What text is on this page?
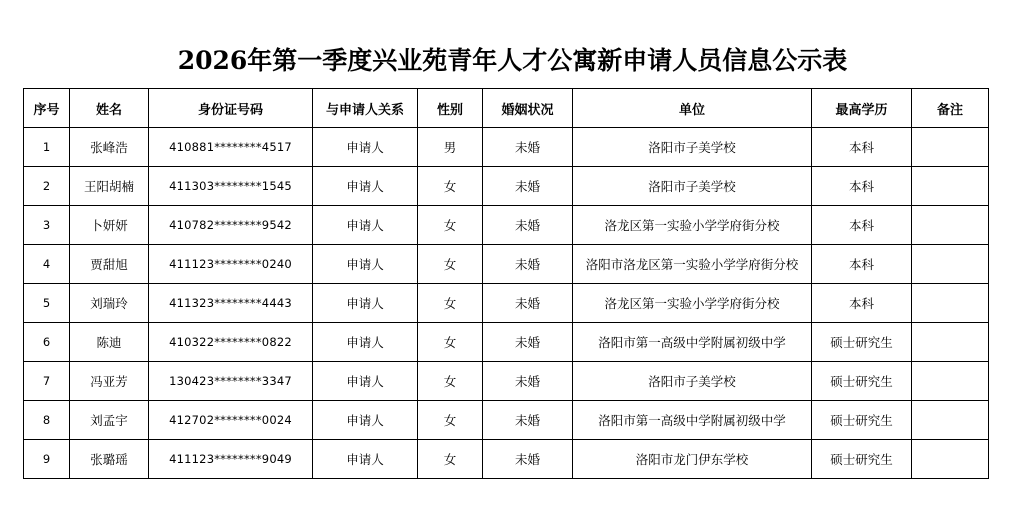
2026年第一季度兴业苑青年人才公寓新申请人员信息公示表
序号	姓名	身份证号码	与申请人关系	性别	婚姻状况	单位	最高学历	备注
1	张峰浩	410881********4517	申请人	男	未婚	洛阳市子美学校	本科	
2	王阳胡楠	411303********1545	申请人	女	未婚	洛阳市子美学校	本科	
3	卜妍妍	410782********9542	申请人	女	未婚	洛龙区第一实验小学学府街分校	本科	
4	贾甜旭	411123********0240	申请人	女	未婚	洛阳市洛龙区第一实验小学学府街分校	本科	
5	刘瑞玲	411323********4443	申请人	女	未婚	洛龙区第一实验小学学府街分校	本科	
6	陈迪	410322********0822	申请人	女	未婚	洛阳市第一高级中学附属初级中学	硕士研究生	
7	冯亚芳	130423********3347	申请人	女	未婚	洛阳市子美学校	硕士研究生	
8	刘孟宇	412702********0024	申请人	女	未婚	洛阳市第一高级中学附属初级中学	硕士研究生	
9	张璐瑶	411123********9049	申请人	女	未婚	洛阳市龙门伊东学校	硕士研究生	
